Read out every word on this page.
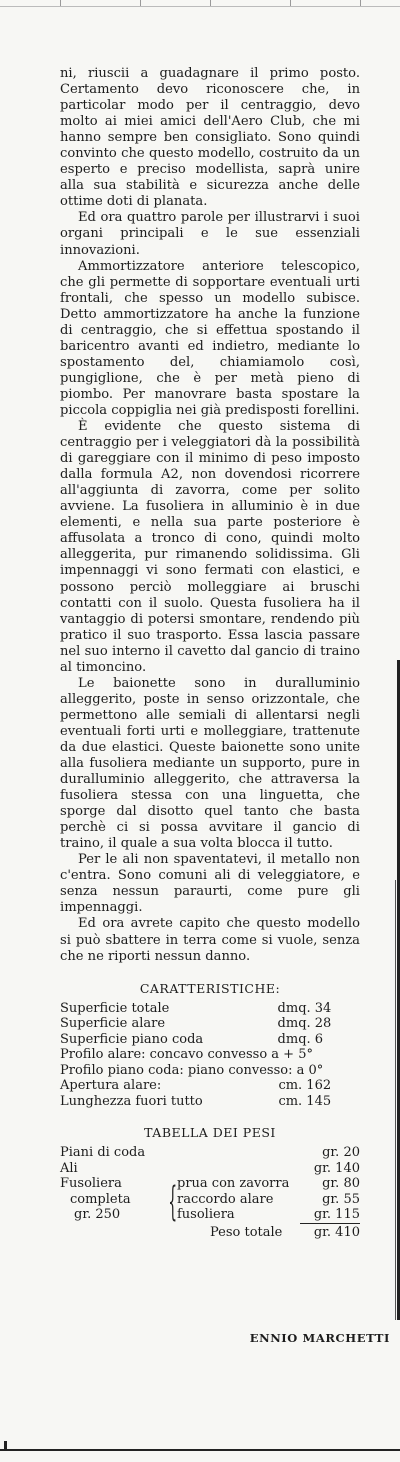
ni, riuscii a guadagnare il primo posto. Certamento devo riconoscere che, in particolar modo per il centraggio, devo molto ai miei amici dell'Aero Club, che mi hanno sempre ben consigliato. Sono quindi convinto che questo modello, costruito da un esperto e preciso modellista, saprà unire alla sua stabilità e sicurezza anche delle ottime doti di planata.

Ed ora quattro parole per illustrarvi i suoi organi principali e le sue essenziali innovazioni.

Ammortizzatore anteriore telescopico, che gli permette di sopportare eventuali urti frontali, che spesso un modello subisce. Detto ammortizzatore ha anche la funzione di centraggio, che si effettua spostando il baricentro avanti ed indietro, mediante lo spostamento del, chiamiamolo così, pungiglione, che è per metà pieno di piombo. Per manovrare basta spostare la piccola coppiglia nei già predisposti forellini.

È evidente che questo sistema di centraggio per i veleggiatori dà la possibilità di gareggiare con il minimo di peso imposto dalla formula A2, non dovendosi ricorrere all'aggiunta di zavorra, come per solito avviene. La fusoliera in alluminio è in due elementi, e nella sua parte posteriore è affusolata a tronco di cono, quindi molto alleggerita, pur rimanendo solidissima. Gli impennaggi vi sono fermati con elastici, e possono perciò molleggiare ai bruschi contatti con il suolo. Questa fusoliera ha il vantaggio di potersi smontare, rendendo più pratico il suo trasporto. Essa lascia passare nel suo interno il cavetto dal gancio di traino al timoncino.

Le baionette sono in duralluminio alleggerito, poste in senso orizzontale, che permettono alle semiali di allentarsi negli eventuali forti urti e molleggiare, trattenute da due elastici. Queste baionette sono unite alla fusoliera mediante un supporto, pure in duralluminio alleggerito, che attraversa la fusoliera stessa con una linguetta, che sporge dal disotto quel tanto che basta perchè ci si possa avvitare il gancio di traino, il quale a sua volta blocca il tutto.

Per le ali non spaventatevi, il metallo non c'entra. Sono comuni ali di veleggiatore, e senza nessun paraurti, come pure gli impennaggi.

Ed ora avrete capito che questo modello si può sbattere in terra come si vuole, senza che ne riporti nessun danno.

CARATTERISTICHE:
Superficie totale	dmq. 34
Superficie alare	dmq. 28
Superficie piano coda	dmq. 6
Profilo alare: concavo convesso a + 5°
Profilo piano coda: piano convesso: a 0°
Apertura alare:	cm. 162
Lunghezza fuori tutto	cm. 145
TABELLA DEI PESI
Piani di coda	gr. 20
Ali	gr. 140
Fusoliera	prua con zavorra	gr. 80
completa	raccordo alare	gr. 55
gr. 250	fusoliera	gr. 115
{
Peso totale gr. 410
ENNIO MARCHETTI
